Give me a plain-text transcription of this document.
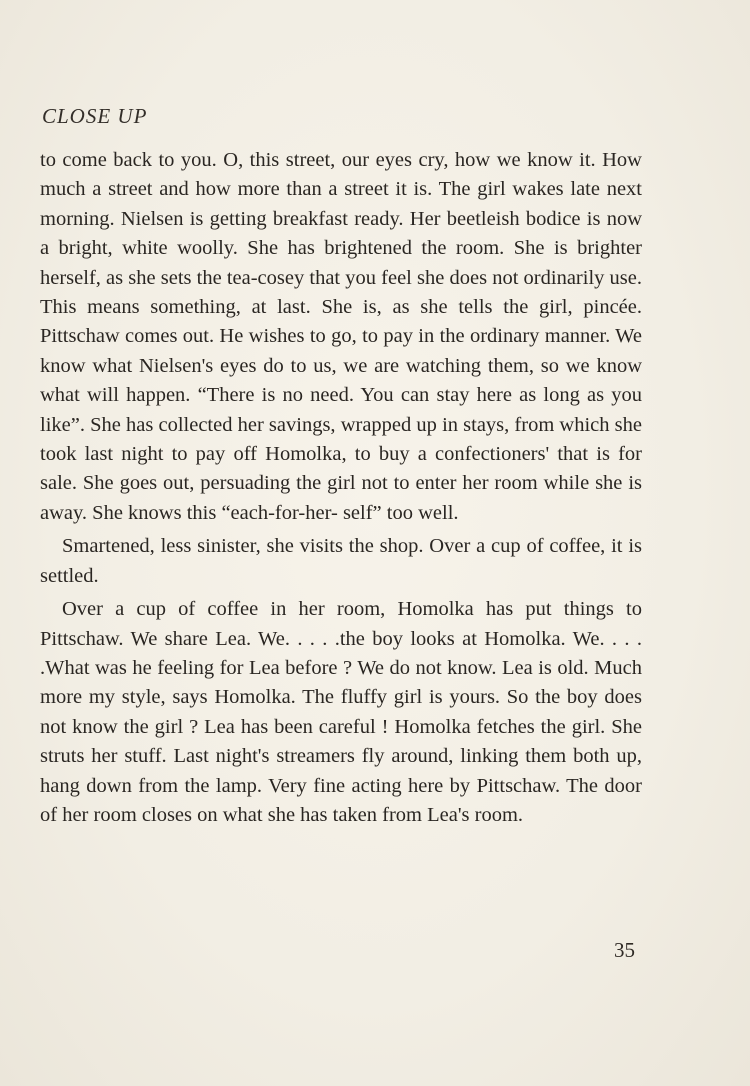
CLOSE UP

to come back to you. O, this street, our eyes cry, how we know it. How much a street and how more than a street it is. The girl wakes late next morning. Nielsen is getting breakfast ready. Her beetleish bodice is now a bright, white woolly. She has brightened the room. She is brighter herself, as she sets the tea-cosey that you feel she does not ordinarily use. This means something, at last. She is, as she tells the girl, pincée. Pittschaw comes out. He wishes to go, to pay in the ordinary manner. We know what Nielsen's eyes do to us, we are watching them, so we know what will happen. “There is no need. You can stay here as long as you like”. She has collected her savings, wrapped up in stays, from which she took last night to pay off Homolka, to buy a confectioners' that is for sale. She goes out, persuading the girl not to enter her room while she is away. She knows this “each-for-her- self” too well.

Smartened, less sinister, she visits the shop. Over a cup of coffee, it is settled.

Over a cup of coffee in her room, Homolka has put things to Pittschaw. We share Lea. We. . . . .the boy looks at Homolka. We. . . . .What was he feeling for Lea before ? We do not know. Lea is old. Much more my style, says Homolka. The fluffy girl is yours. So the boy does not know the girl ? Lea has been careful ! Homolka fetches the girl. She struts her stuff. Last night's streamers fly around, linking them both up, hang down from the lamp. Very fine acting here by Pittschaw. The door of her room closes on what she has taken from Lea's room.

35
